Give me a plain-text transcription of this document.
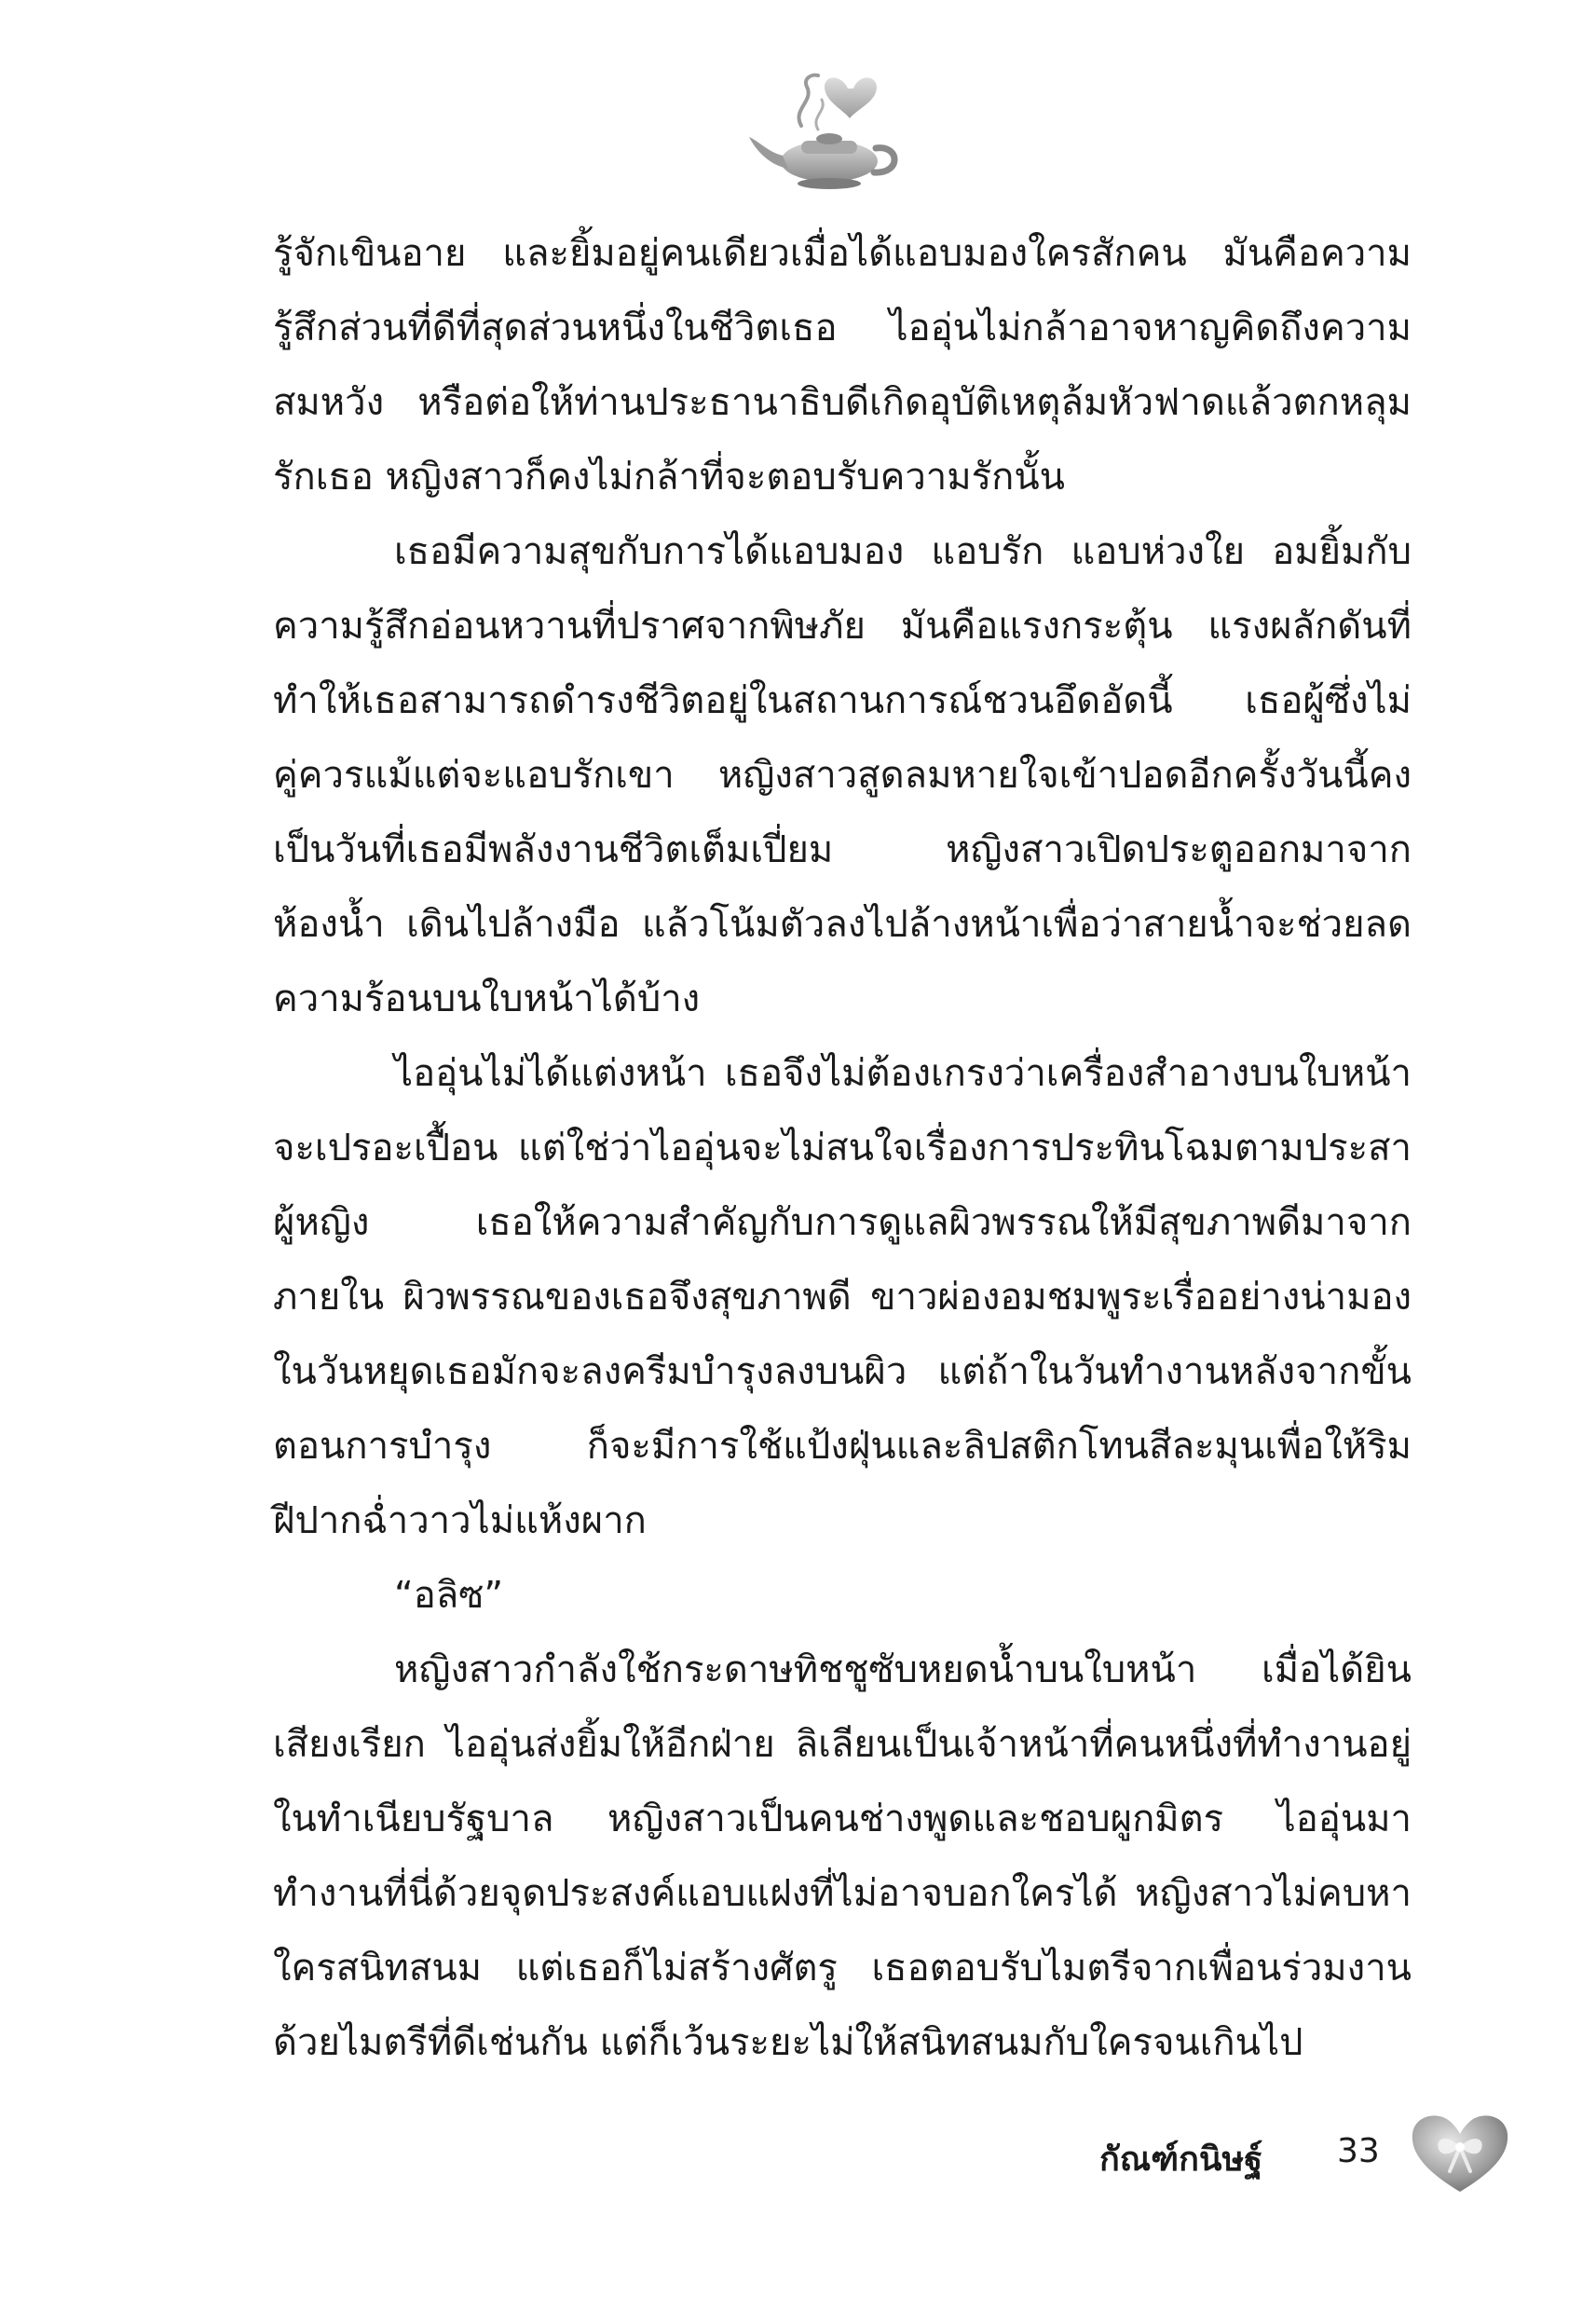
รู้จักเขินอาย และยิ้มอยู่คนเดียวเมื่อได้แอบมองใครสักคน มันคือความรู้สึกส่วนที่ดีที่สุดส่วนหนึ่งในชีวิตเธอ ไออุ่นไม่กล้าอาจหาญคิดถึงความสมหวัง หรือต่อให้ท่านประธานาธิบดีเกิดอุบัติเหตุล้มหัวฟาดแล้วตกหลุมรักเธอ หญิงสาวก็คงไม่กล้าที่จะตอบรับความรักนั้น

เธอมีความสุขกับการได้แอบมอง แอบรัก แอบห่วงใย อมยิ้มกับความรู้สึกอ่อนหวานที่ปราศจากพิษภัย มันคือแรงกระตุ้น แรงผลักดันที่ทำให้เธอสามารถดำรงชีวิตอยู่ในสถานการณ์ชวนอึดอัดนี้ เธอผู้ซึ่งไม่คู่ควรแม้แต่จะแอบรักเขา หญิงสาวสูดลมหายใจเข้าปอดอีกครั้งวันนี้คงเป็นวันที่เธอมีพลังงานชีวิตเต็มเปี่ยม หญิงสาวเปิดประตูออกมาจากห้องน้ำ เดินไปล้างมือ แล้วโน้มตัวลงไปล้างหน้าเพื่อว่าสายน้ำจะช่วยลดความร้อนบนใบหน้าได้บ้าง

ไออุ่นไม่ได้แต่งหน้า เธอจึงไม่ต้องเกรงว่าเครื่องสำอางบนใบหน้าจะเปรอะเปื้อน แต่ใช่ว่าไออุ่นจะไม่สนใจเรื่องการประทินโฉมตามประสาผู้หญิง เธอให้ความสำคัญกับการดูแลผิวพรรณให้มีสุขภาพดีมาจากภายใน ผิวพรรณของเธอจึงสุขภาพดี ขาวผ่องอมชมพูระเรื่ออย่างน่ามองในวันหยุดเธอมักจะลงครีมบำรุงลงบนผิว แต่ถ้าในวันทำงานหลังจากขั้นตอนการบำรุง ก็จะมีการใช้แป้งฝุ่นและลิปสติกโทนสีละมุนเพื่อให้ริมฝีปากฉ่ำวาวไม่แห้งผาก

“อลิซ”

หญิงสาวกำลังใช้กระดาษทิชชูซับหยดน้ำบนใบหน้า เมื่อได้ยินเสียงเรียก ไออุ่นส่งยิ้มให้อีกฝ่าย ลิเลียนเป็นเจ้าหน้าที่คนหนึ่งที่ทำงานอยู่ในทำเนียบรัฐบาล หญิงสาวเป็นคนช่างพูดและชอบผูกมิตร ไออุ่นมาทำงานที่นี่ด้วยจุดประสงค์แอบแฝงที่ไม่อาจบอกใครได้ หญิงสาวไม่คบหาใครสนิทสนม แต่เธอก็ไม่สร้างศัตรู เธอตอบรับไมตรีจากเพื่อนร่วมงานด้วยไมตรีที่ดีเช่นกัน แต่ก็เว้นระยะไม่ให้สนิทสนมกับใครจนเกินไป

กัณฑ์กนิษฐ์ 33
